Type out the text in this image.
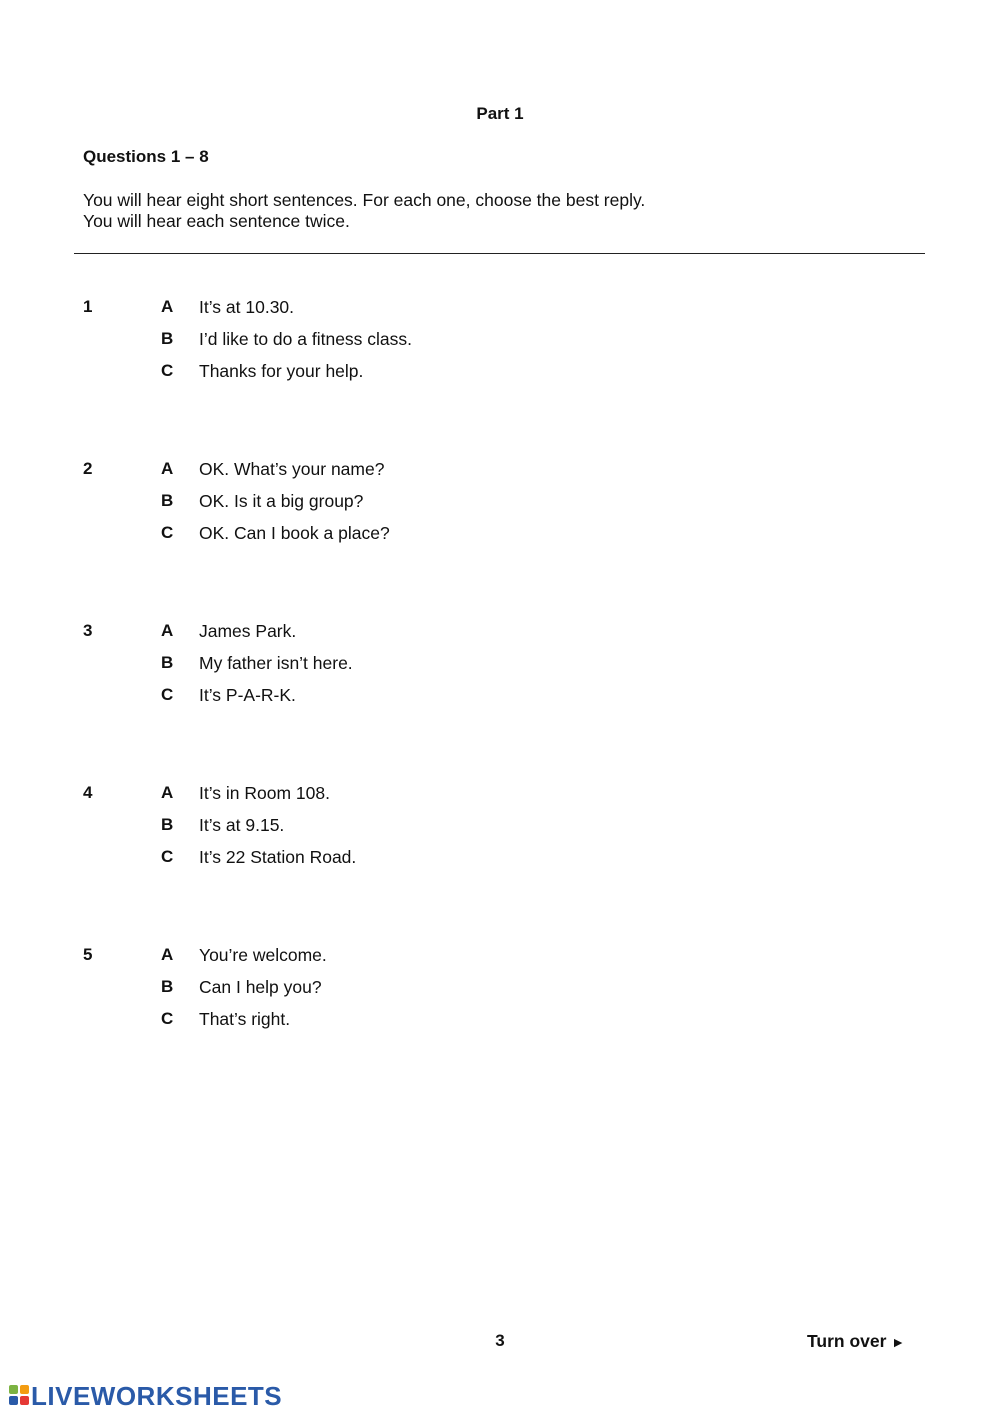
Part 1
Questions 1 – 8
You will hear eight short sentences. For each one, choose the best reply.
You will hear each sentence twice.
1	A It’s at 10.30.
B I’d like to do a fitness class.
C Thanks for your help.
2	A OK. What’s your name?
B OK. Is it a big group?
C OK. Can I book a place?
3	A James Park.
B My father isn’t here.
C It’s P-A-R-K.
4	A It’s in Room 108.
B It’s at 9.15.
C It’s 22 Station Road.
5	A You’re welcome.
B Can I help you?
C That’s right.
3	Turn over ►
LIVEWORKSHEETS
